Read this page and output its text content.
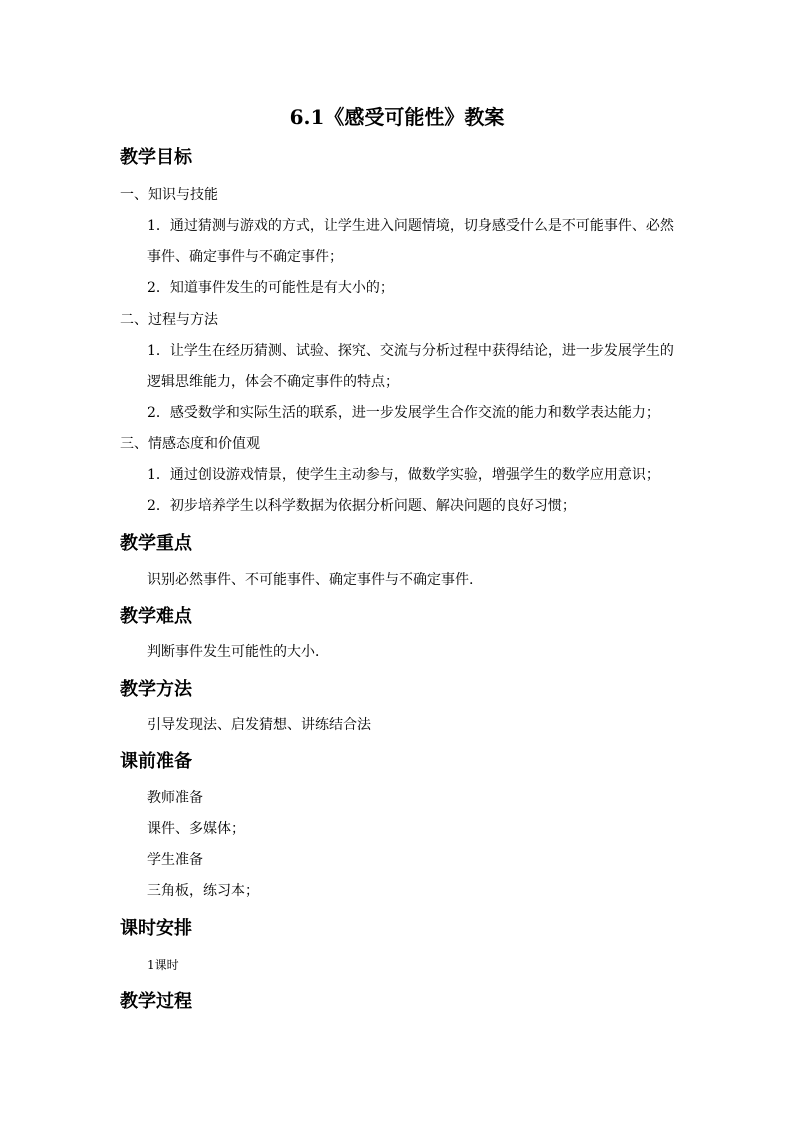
6.1《感受可能性》教案
教学目标
一、知识与技能
1．通过猜测与游戏的方式，让学生进入问题情境，切身感受什么是不可能事件、必然
事件、确定事件与不确定事件；
2．知道事件发生的可能性是有大小的；
二、过程与方法
1．让学生在经历猜测、试验、探究、交流与分析过程中获得结论，进一步发展学生的
逻辑思维能力，体会不确定事件的特点；
2．感受数学和实际生活的联系，进一步发展学生合作交流的能力和数学表达能力；
三、情感态度和价值观
1．通过创设游戏情景，使学生主动参与，做数学实验，增强学生的数学应用意识；
2．初步培养学生以科学数据为依据分析问题、解决问题的良好习惯；
教学重点
识别必然事件、不可能事件、确定事件与不确定事件.
教学难点
判断事件发生可能性的大小．
教学方法
引导发现法、启发猜想、讲练结合法
课前准备
教师准备
课件、多媒体；
学生准备
三角板，练习本；
课时安排
1课时
教学过程
